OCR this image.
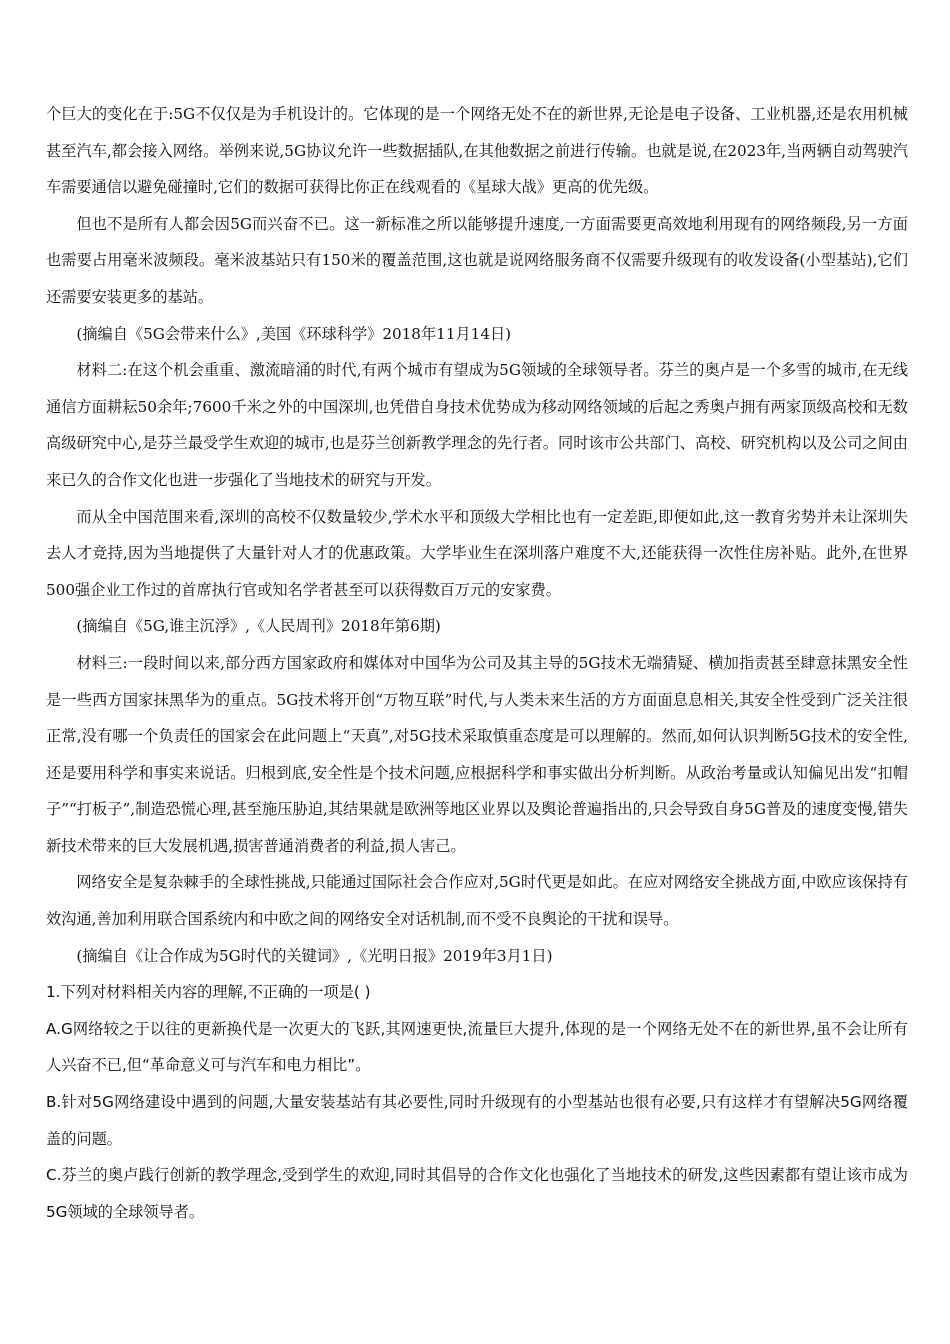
个巨大的变化在于:5G不仅仅是为手机设计的。它体现的是一个网络无处不在的新世界,无论是电子设备、工业机器,还是农用机械甚至汽车,都会接入网络。举例来说,5G协议允许一些数据插队,在其他数据之前进行传输。也就是说,在2023年,当两辆自动驾驶汽车需要通信以避免碰撞时,它们的数据可获得比你正在线观看的《星球大战》更高的优先级。

但也不是所有人都会因5G而兴奋不已。这一新标准之所以能够提升速度,一方面需要更高效地利用现有的网络频段,另一方面也需要占用毫米波频段。毫米波基站只有150米的覆盖范围,这也就是说网络服务商不仅需要升级现有的收发设备(小型基站),它们还需要安装更多的基站。

(摘编自《5G会带来什么》,美国《环球科学》2018年11月14日)

材料二:在这个机会重重、激流暗涌的时代,有两个城市有望成为5G领域的全球领导者。芬兰的奥卢是一个多雪的城市,在无线通信方面耕耘50余年;7600千米之外的中国深圳,也凭借自身技术优势成为移动网络领域的后起之秀奥卢拥有两家顶级高校和无数高级研究中心,是芬兰最受学生欢迎的城市,也是芬兰创新教学理念的先行者。同时该市公共部门、高校、研究机构以及公司之间由来已久的合作文化也进一步强化了当地技术的研究与开发。

而从全中国范围来看,深圳的高校不仅数量较少,学术水平和顶级大学相比也有一定差距,即便如此,这一教育劣势并未让深圳失去人才竞持,因为当地提供了大量针对人才的优惠政策。大学毕业生在深圳落户难度不大,还能获得一次性住房补贴。此外,在世界500强企业工作过的首席执行官或知名学者甚至可以获得数百万元的安家费。

(摘编自《5G,谁主沉浮》,《人民周刊》2018年第6期)

材料三:一段时间以来,部分西方国家政府和媒体对中国华为公司及其主导的5G技术无端猜疑、横加指责甚至肆意抹黑安全性是一些西方国家抹黑华为的重点。5G技术将开创“万物互联”时代,与人类未来生活的方方面面息息相关,其安全性受到广泛关注很正常,没有哪一个负责任的国家会在此问题上“天真”,对5G技术采取慎重态度是可以理解的。然而,如何认识判断5G技术的安全性,还是要用科学和事实来说话。归根到底,安全性是个技术问题,应根据科学和事实做出分析判断。从政治考量或认知偏见出发“扣帽子”“打板子”,制造恐慌心理,甚至施压胁迫,其结果就是欧洲等地区业界以及舆论普遍指出的,只会导致自身5G普及的速度变慢,错失新技术带来的巨大发展机遇,损害普通消费者的利益,损人害己。

网络安全是复杂棘手的全球性挑战,只能通过国际社会合作应对,5G时代更是如此。在应对网络安全挑战方面,中欧应该保持有效沟通,善加利用联合国系统内和中欧之间的网络安全对话机制,而不受不良舆论的干扰和误导。

(摘编自《让合作成为5G时代的关键词》,《光明日报》2019年3月1日)

1.下列对材料相关内容的理解,不正确的一项是( )

A.G网络较之于以往的更新换代是一次更大的飞跃,其网速更快,流量巨大提升,体现的是一个网络无处不在的新世界,虽不会让所有人兴奋不已,但“革命意义可与汽车和电力相比”。

B.针对5G网络建设中遇到的问题,大量安装基站有其必要性,同时升级现有的小型基站也很有必要,只有这样才有望解决5G网络覆盖的问题。

C.芬兰的奥卢践行创新的教学理念,受到学生的欢迎,同时其倡导的合作文化也强化了当地技术的研发,这些因素都有望让该市成为5G领域的全球领导者。
